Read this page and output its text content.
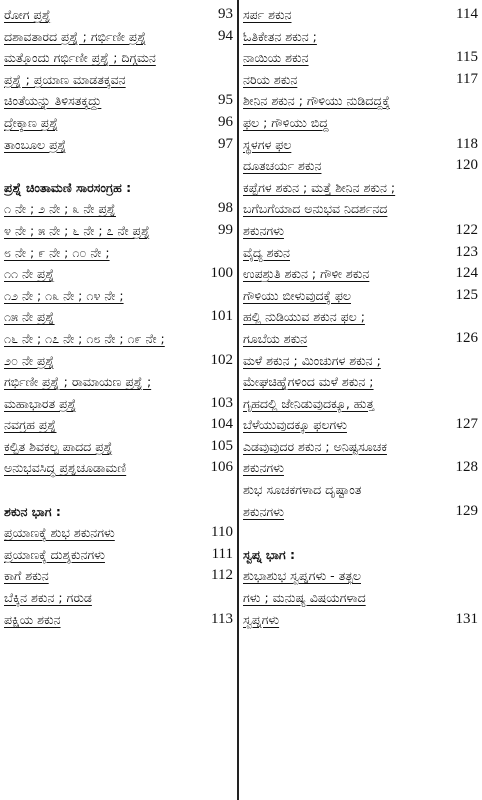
ರೋಗ ಪ್ರಶ್ನೆ	93
ದಶಾವತಾರದ ಪ್ರಶ್ನೆ ; ಗರ್ಭಿಣೀ ಪ್ರಶ್ನೆ	94
ಮತ್ತೊಂದು ಗರ್ಭಿಣೀ ಪ್ರಶ್ನೆ ; ದಿಗ್ಗಮನ
ಪ್ರಶ್ನೆ ; ಪ್ರಯಾಣ ಮಾಡತಕ್ಕವನ
ಚಿಂತೆಯನ್ನು ತಿಳಿಸತಕ್ಕದ್ದು	95
ದ್ರೇಕ್ಕಾಣ ಪ್ರಶ್ನೆ	96
ತಾಂಬೂಲ ಪ್ರಶ್ನೆ	97
ಪ್ರಶ್ನೆ ಚಿಂತಾಮಣಿ ಸಾರಸಂಗ್ರಹ :
೧ ನೇ ; ೨ ನೇ ; ೩ ನೇ ಪ್ರಶ್ನೆ	98
೪ ನೇ ; ೫ ನೇ ; ೬ ನೇ ; ೭ ನೇ ಪ್ರಶ್ನೆ	99
೮ ನೇ ; ೯ ನೇ ; ೧೦ ನೇ ;
೧೧ ನೇ ಪ್ರಶ್ನೆ	100
೧೨ ನೇ ; ೧೩ ನೇ ; ೧೪ ನೇ ;
೧೫ ನೇ ಪ್ರಶ್ನೆ	101
೧೬ ನೇ ; ೧೭ ನೇ ; ೧೮ ನೇ ; ೧೯ ನೇ ;
೨೦ ನೇ ಪ್ರಶ್ನೆ	102
ಗರ್ಭಿಣೀ ಪ್ರಶ್ನೆ ; ರಾಮಾಯಣ ಪ್ರಶ್ನೆ ;
ಮಹಾಭಾರತ ಪ್ರಶ್ನೆ	103
ನವಗ್ರಹ ಪ್ರಶ್ನೆ	104
ಕಲ್ಪಿತ ಶಿವಕಲ್ಪ ಪಾದದ ಪ್ರಶ್ನೆ	105
ಅನುಭವಸಿದ್ಧ ಪ್ರಶ್ನಚೂಡಾಮಣಿ	106
ಶಕುನ ಭಾಗ :
ಪ್ರಯಾಣಕ್ಕೆ ಶುಭ ಶಕುನಗಳು	110
ಪ್ರಯಾಣಕ್ಕೆ ದುಶ್ಶಕುನಗಳು	111
ಕಾಗೆ ಶಕುನ	112
ಬೆಕ್ಕಿನ ಶಕುನ ; ಗರುಡ
ಪಕ್ಷಿಯ ಶಕುನ	113
ಸರ್ಪ ಶಕುನ	114
ಓತಿಕೇತನ ಶಕುನ ;
ನಾಯಿಯ ಶಕುನ	115
ನರಿಯ ಶಕುನ	117
ಶೀನಿನ ಶಕುನ ; ಗೌಳಿಯು ನುಡಿದದ್ದಕ್ಕೆ
ಫಲ ; ಗೌಳಿಯು ಬಿದ್ದ
ಸ್ಥಳಗಳ ಫಲ	118
ದೂತಚರ್ಯ ಶಕುನ	120
ಕಪ್ಪೆಗಳ ಶಕುನ ; ಮತ್ತೆ ಶೀನಿನ ಶಕುನ ;
ಬಗೆಬಗೆಯಾದ ಅನುಭವ ನಿದರ್ಶನದ
ಶಕುನಗಳು	122
ವೈದ್ಯ ಶಕುನ	123
ಉಪಶ್ರುತಿ ಶಕುನ ; ಗೌಳೀ ಶಕುನ	124
ಗೌಳಿಯು ಬೀಳುವುದಕ್ಕೆ ಫಲ	125
ಹಲ್ಲಿ ನುಡಿಯುವ ಶಕುನ ಫಲ ;
ಗೂಬೆಯ ಶಕುನ	126
ಮಳೆ ಶಕುನ ; ಮಿಂಚುಗಳ ಶಕುನ ;
ಮೇಘಚಿಹ್ನೆಗಳಿಂದ ಮಳೆ ಶಕುನ ;
ಗೃಹದಲ್ಲಿ ಜೇನಿಡುವುದಕ್ಕೂ, ಹುತ್ತ
ಬೆಳೆಯುವುದಕ್ಕೂ ಫಲಗಳು	127
ಎಡವುವುದರ ಶಕುನ ; ಅನಿಷ್ಟಸೂಚಕ
ಶಕುನಗಳು	128
ಶುಭ ಸೂಚಕಗಳಾದ ದೃಷ್ಟಾಂತ
ಶಕುನಗಳು	129
ಸ್ವಪ್ನ ಭಾಗ :
ಶುಭಾಶುಭ ಸ್ವಪ್ನಗಳು - ತತ್ಫಲ
ಗಳು ; ಮನುಷ್ಯ ವಿಷಯಗಳಾದ
ಸ್ವಪ್ನಗಳು	131
